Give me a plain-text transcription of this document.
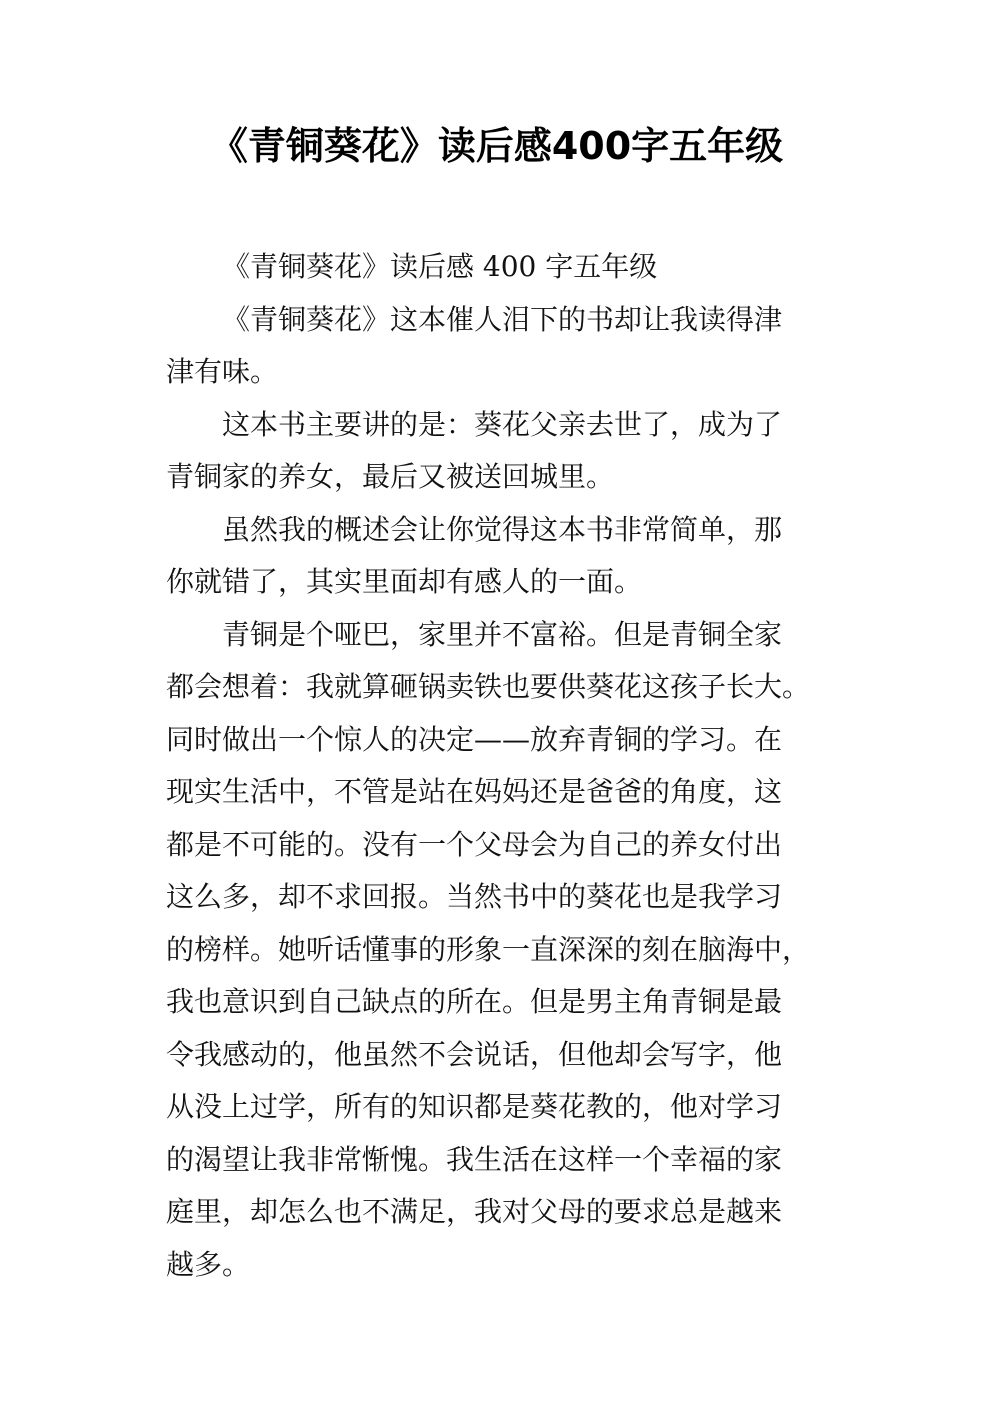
《青铜葵花》读后感400字五年级

《青铜葵花》读后感 400 字五年级

《青铜葵花》这本催人泪下的书却让我读得津
津有味。

这本书主要讲的是：葵花父亲去世了，成为了
青铜家的养女，最后又被送回城里。

虽然我的概述会让你觉得这本书非常简单，那
你就错了，其实里面却有感人的一面。

青铜是个哑巴，家里并不富裕。但是青铜全家
都会想着：我就算砸锅卖铁也要供葵花这孩子长大。
同时做出一个惊人的决定——放弃青铜的学习。在
现实生活中，不管是站在妈妈还是爸爸的角度，这
都是不可能的。没有一个父母会为自己的养女付出
这么多，却不求回报。当然书中的葵花也是我学习
的榜样。她听话懂事的形象一直深深的刻在脑海中，
我也意识到自己缺点的所在。但是男主角青铜是最
令我感动的，他虽然不会说话，但他却会写字，他
从没上过学，所有的知识都是葵花教的，他对学习
的渴望让我非常惭愧。我生活在这样一个幸福的家
庭里，却怎么也不满足，我对父母的要求总是越来
越多。
